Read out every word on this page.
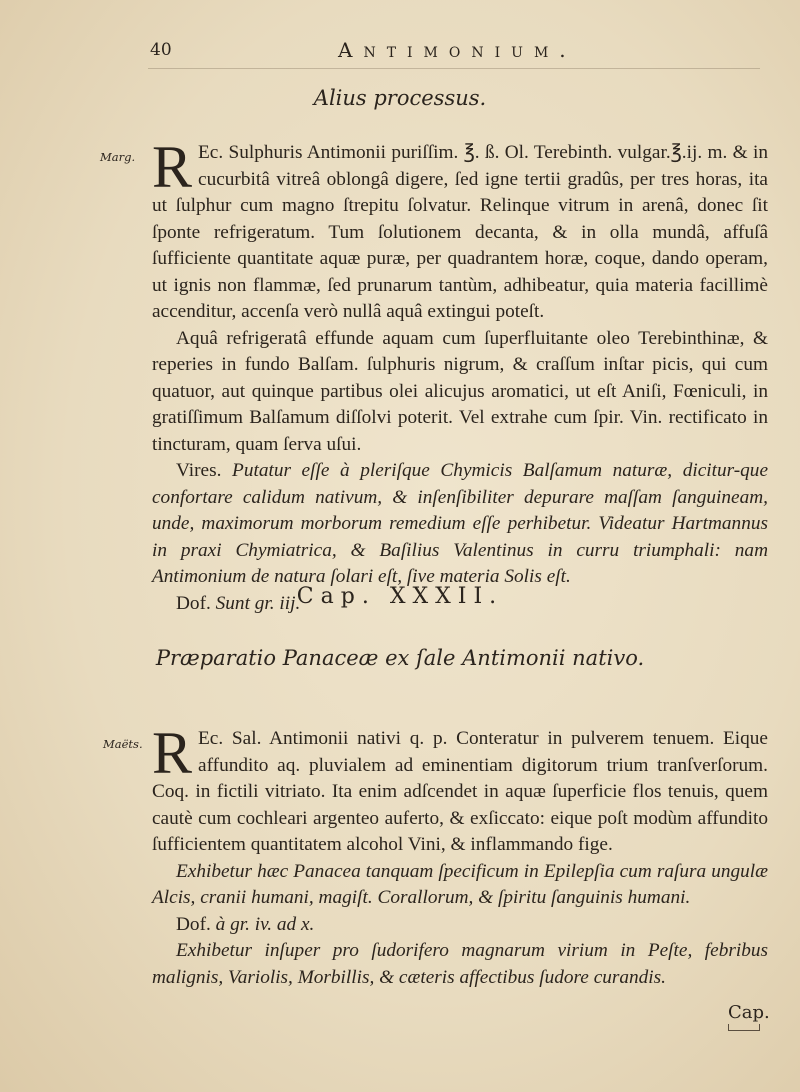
40	Antimonium.
Alius processus.
Marg. R Ec. Sulphuris Antimonii puriſſim. ℥. ß. Ol. Terebinth. vulgar.℥.ij. m. & in cucurbitâ vitreâ oblongâ digere, ſed igne tertii gradûs, per tres horas, ita ut ſulphur cum magno ſtrepitu ſolvatur. Relinque vitrum in arenâ, donec ſit ſponte refrigeratum. Tum ſolutionem decanta, & in olla mundâ, affuſâ ſufficiente quantitate aquæ puræ, per quadrantem horæ, coque, dando operam, ut ignis non flammæ, ſed prunarum tantùm, adhibeatur, quia materia facillimè accenditur, accenſa verò nullâ aquâ extingui poteſt.

Aquâ refrigeratâ effunde aquam cum ſuperfluitante oleo Terebinthinæ, & reperies in fundo Balſam. ſulphuris nigrum, & craſſum inſtar picis, qui cum quatuor, aut quinque partibus olei alicujus aromatici, ut eſt Aniſi, Fœniculi, in gratiſſimum Balſamum diſſolvi poterit. Vel extrahe cum ſpir. Vin. rectificato in tincturam, quam ſerva uſui.

Vires. Putatur eſſe à pleriſque Chymicis Balſamum naturæ, dicitur-que confortare calidum nativum, & inſenſibiliter depurare maſſam ſanguineam, unde, maximorum morborum remedium eſſe perhibetur. Videatur Hartmannus in praxi Chymiatrica, & Baſilius Valentinus in curru triumphali: nam Antimonium de natura ſolari eſt, ſive materia Solis eſt.

Dof. Sunt gr. iij.

Cap. XXXII.
Præparatio Panaceæ ex ſale Antimonii nativo.
Maëts. R Ec. Sal. Antimonii nativi q. p. Conteratur in pulverem tenuem. Eique affundito aq. pluvialem ad eminentiam digitorum trium tranſverſorum. Coq. in fictili vitriato. Ita enim adſcendet in aquæ ſuperficie flos tenuis, quem cautè cum cochleari argenteo auferto, & exſiccato: eique poſt modùm affundito ſufficientem quantitatem alcohol Vini, & inflammando fige.

Exhibetur hæc Panacea tanquam ſpecificum in Epilepſia cum raſura ungulæ Alcis, cranii humani, magiſt. Corallorum, & ſpiritu ſanguinis humani.

Dof. à gr. iv. ad x.

Exhibetur inſuper pro ſudorifero magnarum virium in Peſte, febribus malignis, Variolis, Morbillis, & cæteris affectibus ſudore curandis.

Cap.
